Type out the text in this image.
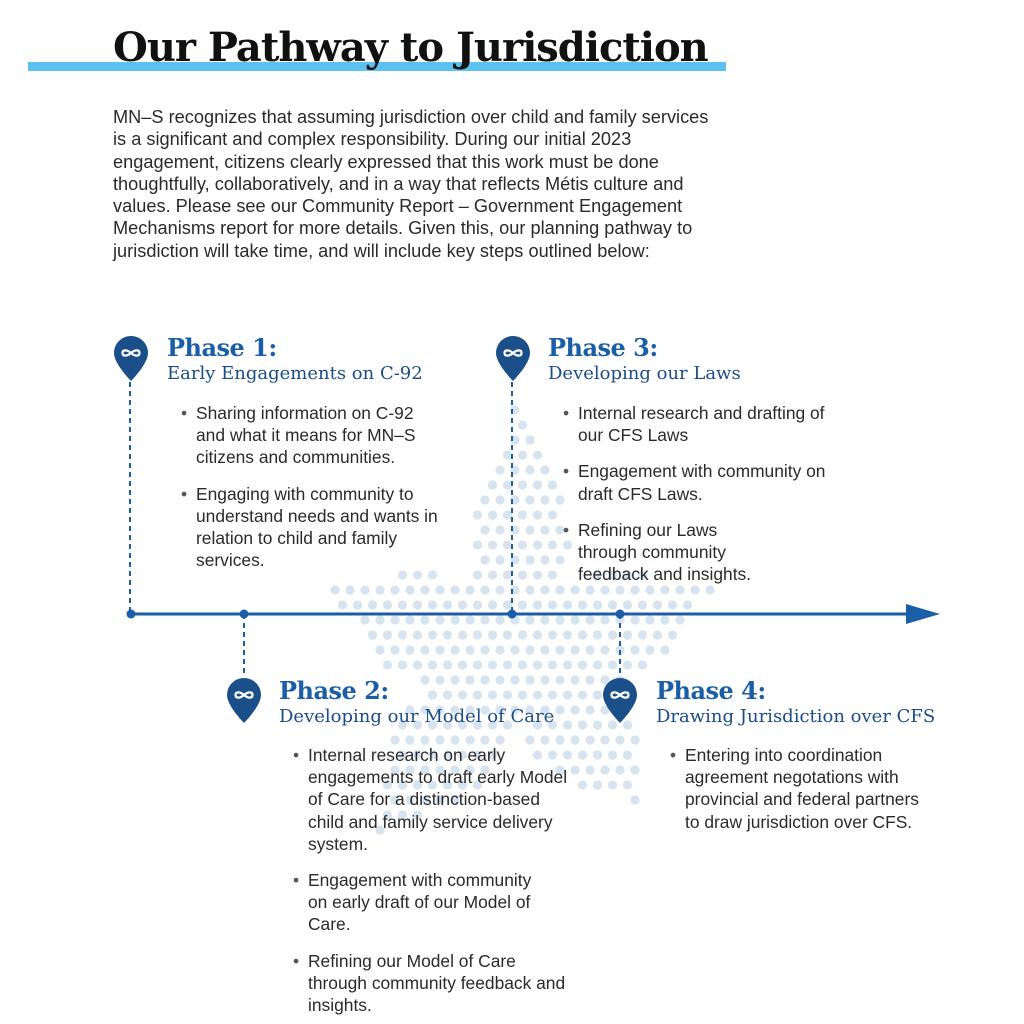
Our Pathway to Jurisdiction

MN–S recognizes that assuming jurisdiction over child and family services is a significant and complex responsibility. During our initial 2023 engagement, citizens clearly expressed that this work must be done thoughtfully, collaboratively, and in a way that reflects Métis culture and values. Please see our Community Report – Government Engagement Mechanisms report for more details. Given this, our planning pathway to jurisdiction will take time, and will include key steps outlined below:

Phase 1:
Early Engagements on C-92
• Sharing information on C-92 and what it means for MN–S citizens and communities.
• Engaging with community to understand needs and wants in relation to child and family services.
Phase 3:
Developing our Laws
• Internal research and drafting of our CFS Laws
• Engagement with community on draft CFS Laws.
• Refining our Laws through community feedback and insights.
Phase 2:
Developing our Model of Care
• Internal research on early engagements to draft early Model of Care for a distinction-based child and family service delivery system.
• Engagement with community on early draft of our Model of Care.
• Refining our Model of Care through community feedback and insights.
Phase 4:
Drawing Jurisdiction over CFS
• Entering into coordination agreement negotations with provincial and federal partners to draw jurisdiction over CFS.
